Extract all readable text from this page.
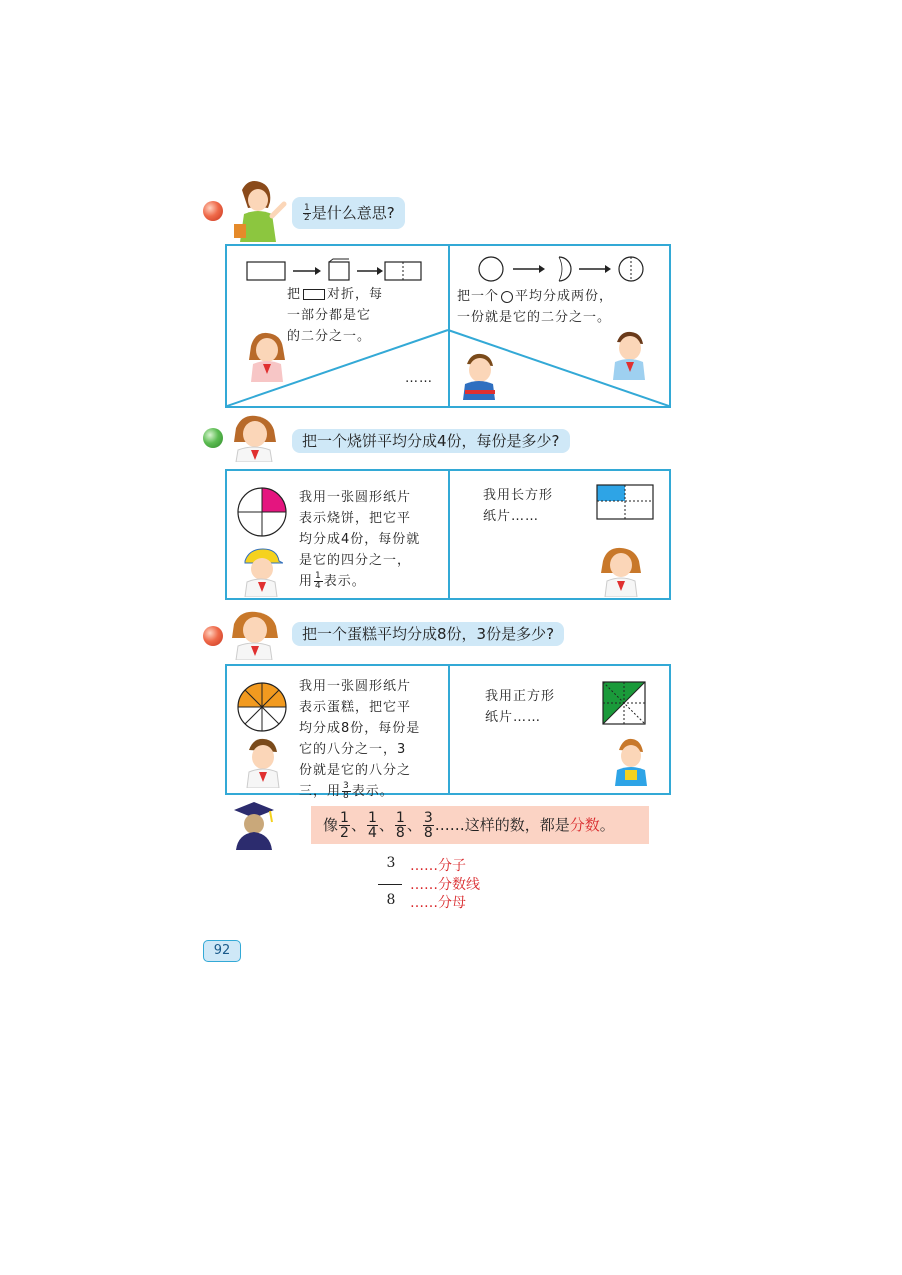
$\frac{1}{2}$ 是什么意思?
把 对折，每
一部分都是它
的二分之一。
把一个 平均分成两份，
一份就是它的二分之一。
……
把一个烧饼平均分成4份，每份是多少?
我用一张圆形纸片
表示烧饼，把它平
均分成4份，每份就
是它的四分之一，
用 $\frac{1}{4}$ 表示。
我用长方形
纸片……
把一个蛋糕平均分成8份，3份是多少?
我用一张圆形纸片
表示蛋糕，把它平
均分成8份，每份是
它的八分之一，3
份就是它的八分之
三，用 $\frac{3}{8}$ 表示。
我用正方形
纸片……
像 $\frac{1}{2}$ 、 $\frac{1}{4}$ 、 $\frac{1}{8}$ 、 $\frac{3}{8}$ ……这样的数，都是分数。
3
8
……分子
……分数线
……分母
92
